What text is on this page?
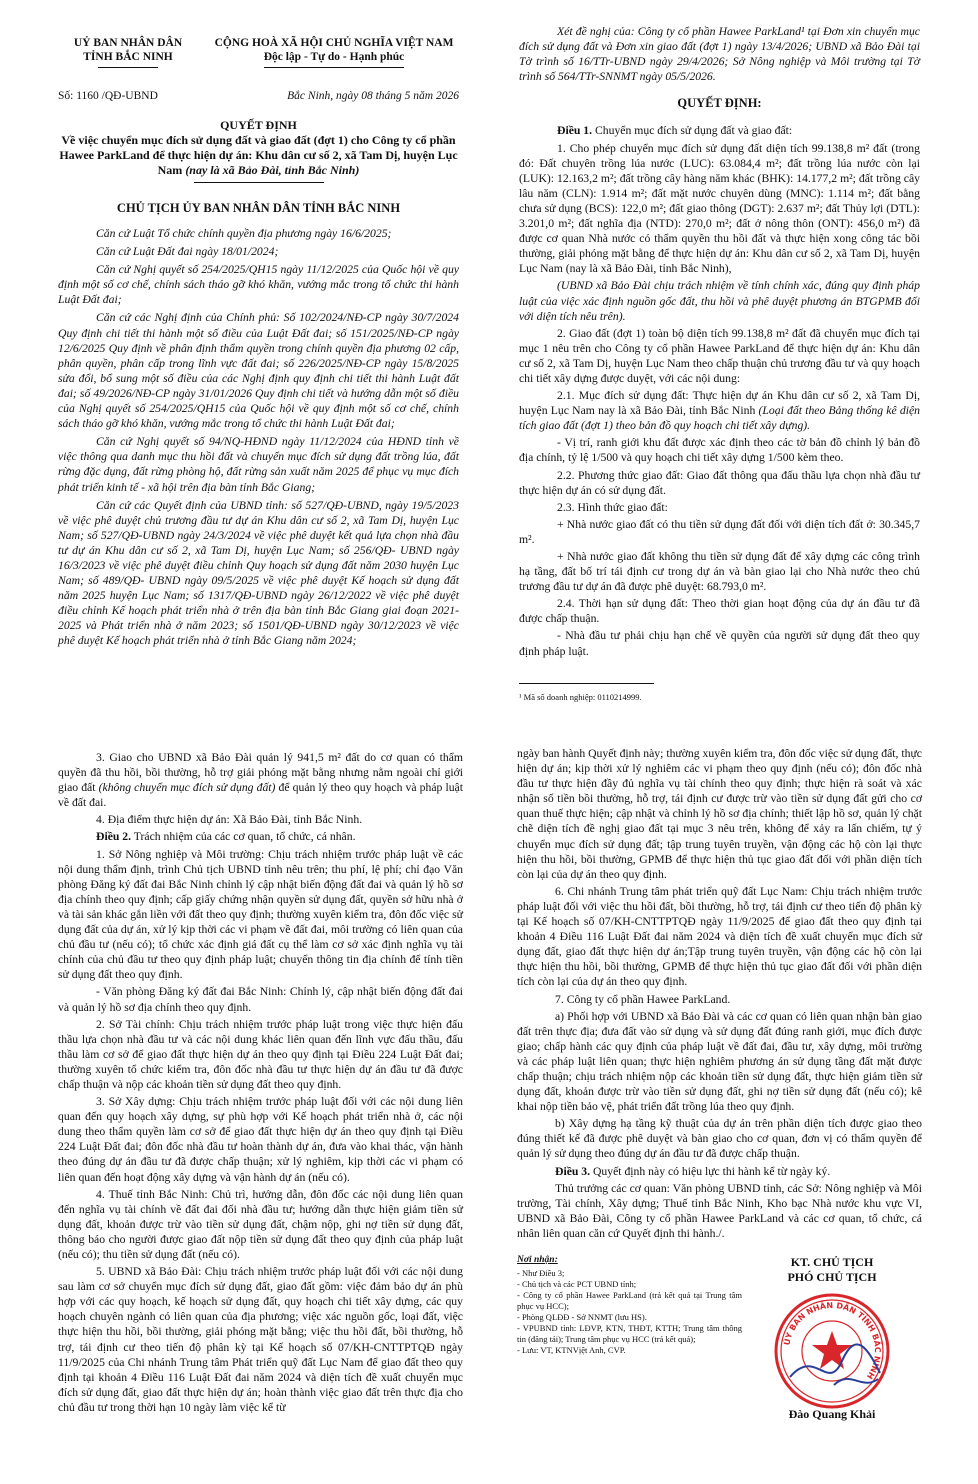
UỶ BAN NHÂN DÂN
TỈNH BẮC NINH
CỘNG HOÀ XÃ HỘI CHỦ NGHĨA VIỆT NAM
Độc lập - Tự do - Hạnh phúc
Số: 1160 /QĐ-UBND	Bắc Ninh, ngày 08 tháng 5 năm 2026
QUYẾT ĐỊNH
Về việc chuyển mục đích sử dụng đất và giao đất (đợt 1) cho Công ty cổ phần Hawee ParkLand để thực hiện dự án: Khu dân cư số 2, xã Tam Dị, huyện Lục Nam (nay là xã Bảo Đài, tỉnh Bắc Ninh)
CHỦ TỊCH ỦY BAN NHÂN DÂN TỈNH BẮC NINH

Căn cứ Luật Tổ chức chính quyền địa phương ngày 16/6/2025;

Căn cứ Luật Đất đai ngày 18/01/2024;

Căn cứ Nghị quyết số 254/2025/QH15 ngày 11/12/2025 của Quốc hội về quy định một số cơ chế, chính sách tháo gỡ khó khăn, vướng mắc trong tổ chức thi hành Luật Đất đai;

Căn cứ các Nghị định của Chính phủ: Số 102/2024/NĐ-CP ngày 30/7/2024 Quy định chi tiết thi hành một số điều của Luật Đất đai; số 151/2025/NĐ-CP ngày 12/6/2025 Quy định về phân định thẩm quyền trong chính quyền địa phương 02 cấp, phân quyền, phân cấp trong lĩnh vực đất đai; số 226/2025/NĐ-CP ngày 15/8/2025 sửa đổi, bổ sung một số điều của các Nghị định quy định chi tiết thi hành Luật đất đai; số 49/2026/NĐ-CP ngày 31/01/2026 Quy định chi tiết và hướng dẫn một số điều của Nghị quyết số 254/2025/QH15 của Quốc hội về quy định một số cơ chế, chính sách tháo gỡ khó khăn, vướng mắc trong tổ chức thi hành Luật Đất đai;

Căn cứ Nghị quyết số 94/NQ-HĐND ngày 11/12/2024 của HĐND tỉnh về việc thông qua danh mục thu hồi đất và chuyển mục đích sử dụng đất trồng lúa, đất rừng đặc dụng, đất rừng phòng hộ, đất rừng sản xuất năm 2025 để phục vụ mục đích phát triển kinh tế - xã hội trên địa bàn tỉnh Bắc Giang;

Căn cứ các Quyết định của UBND tỉnh: số 527/QĐ-UBND, ngày 19/5/2023 về việc phê duyệt chủ trương đầu tư dự án Khu dân cư số 2, xã Tam Dị, huyện Lục Nam; số 527/QĐ-UBND ngày 24/3/2024 về việc phê duyệt kết quả lựa chọn nhà đầu tư dự án Khu dân cư số 2, xã Tam Dị, huyện Lục Nam; số 256/QĐ- UBND ngày 16/3/2023 về việc phê duyệt điều chỉnh Quy hoạch sử dụng đất năm 2030 huyện Lục Nam; số 489/QĐ- UBND ngày 09/5/2025 về việc phê duyệt Kế hoạch sử dụng đất năm 2025 huyện Lục Nam; số 1317/QĐ-UBND ngày 26/12/2022 về việc phê duyệt điều chỉnh Kế hoạch phát triển nhà ở trên địa bàn tỉnh Bắc Giang giai đoạn 2021-2025 và Phát triển nhà ở năm 2023; số 1501/QĐ-UBND ngày 30/12/2023 về việc phê duyệt Kế hoạch phát triển nhà ở tỉnh Bắc Giang năm 2024;

Xét đề nghị của: Công ty cổ phần Hawee ParkLand¹ tại Đơn xin chuyển mục đích sử dụng đất và Đơn xin giao đất (đợt 1) ngày 13/4/2026; UBND xã Bảo Đài tại Tờ trình số 16/TTr-UBND ngày 29/4/2026; Sở Nông nghiệp và Môi trường tại Tờ trình số 564/TTr-SNNMT ngày 05/5/2026.

QUYẾT ĐỊNH:

Điều 1. Chuyển mục đích sử dụng đất và giao đất:

1. Cho phép chuyển mục đích sử dụng đất diện tích 99.138,8 m² đất (trong đó: Đất chuyên trồng lúa nước (LUC): 63.084,4 m²; đất trồng lúa nước còn lại (LUK): 12.163,2 m²; đất trồng cây hàng năm khác (BHK): 14.177,2 m²; đất trồng cây lâu năm (CLN): 1.914 m²; đất mặt nước chuyên dùng (MNC): 1.114 m²; đất bằng chưa sử dụng (BCS): 122,0 m²; đất giao thông (DGT): 2.637 m²; đất Thủy lợi (DTL): 3.201,0 m²; đất nghĩa địa (NTD): 270,0 m²; đất ở nông thôn (ONT): 456,0 m²) đã được cơ quan Nhà nước có thẩm quyền thu hồi đất và thực hiện xong công tác bồi thường, giải phóng mặt bằng để thực hiện dự án: Khu dân cư số 2, xã Tam Dị, huyện Lục Nam (nay là xã Bảo Đài, tỉnh Bắc Ninh),

(UBND xã Bảo Đài chịu trách nhiệm về tính chính xác, đúng quy định pháp luật của việc xác định nguồn gốc đất, thu hồi và phê duyệt phương án BTGPMB đối với diện tích nêu trên).

2. Giao đất (đợt 1) toàn bộ diện tích 99.138,8 m² đất đã chuyển mục đích tại mục 1 nêu trên cho Công ty cổ phần Hawee ParkLand để thực hiện dự án: Khu dân cư số 2, xã Tam Dị, huyện Lục Nam theo chấp thuận chủ trương đầu tư và quy hoạch chi tiết xây dựng được duyệt, với các nội dung:

2.1. Mục đích sử dụng đất: Thực hiện dự án Khu dân cư số 2, xã Tam Dị, huyện Lục Nam nay là xã Bảo Đài, tỉnh Bắc Ninh (Loại đất theo Bảng thống kê diện tích giao đất (đợt 1) theo bản đồ quy hoạch chi tiết xây dựng).

- Vị trí, ranh giới khu đất được xác định theo các tờ bản đồ chỉnh lý bản đồ địa chính, tỷ lệ 1/500 và quy hoạch chi tiết xây dựng 1/500 kèm theo.

2.2. Phương thức giao đất: Giao đất thông qua đấu thầu lựa chọn nhà đầu tư thực hiện dự án có sử dụng đất.

2.3. Hình thức giao đất:

+ Nhà nước giao đất có thu tiền sử dụng đất đối với diện tích đất ở: 30.345,7 m².

+ Nhà nước giao đất không thu tiền sử dụng đất để xây dựng các công trình hạ tầng, đất bố trí tái định cư trong dự án và bàn giao lại cho Nhà nước theo chủ trương đầu tư dự án đã được phê duyệt: 68.793,0 m².

2.4. Thời hạn sử dụng đất: Theo thời gian hoạt động của dự án đầu tư đã được chấp thuận.

- Nhà đầu tư phải chịu hạn chế về quyền của người sử dụng đất theo quy định pháp luật.

¹ Mã số doanh nghiệp: 0110214999.

3. Giao cho UBND xã Bảo Đài quản lý 941,5 m² đất do cơ quan có thẩm quyền đã thu hồi, bồi thường, hỗ trợ giải phóng mặt bằng nhưng nằm ngoài chỉ giới giao đất (không chuyển mục đích sử dụng đất) để quản lý theo quy hoạch và pháp luật về đất đai.

4. Địa điểm thực hiện dự án: Xã Bảo Đài, tỉnh Bắc Ninh.

Điều 2. Trách nhiệm của các cơ quan, tổ chức, cá nhân.

1. Sở Nông nghiệp và Môi trường: Chịu trách nhiệm trước pháp luật về các nội dung thẩm định, trình Chủ tịch UBND tỉnh nêu trên; thu phí, lệ phí; chỉ đạo Văn phòng Đăng ký đất đai Bắc Ninh chỉnh lý cập nhật biến động đất đai và quản lý hồ sơ địa chính theo quy định; cấp giấy chứng nhận quyền sử dụng đất, quyền sở hữu nhà ở và tài sản khác gắn liền với đất theo quy định; thường xuyên kiểm tra, đôn đốc việc sử dụng đất của dự án, xử lý kịp thời các vi phạm về đất đai, môi trường có liên quan của chủ đầu tư (nếu có); tổ chức xác định giá đất cụ thể làm cơ sở xác định nghĩa vụ tài chính của chủ đầu tư theo quy định pháp luật; chuyển thông tin địa chính để tính tiền sử dụng đất theo quy định.

- Văn phòng Đăng ký đất đai Bắc Ninh: Chỉnh lý, cập nhật biến động đất đai và quản lý hồ sơ địa chính theo quy định.

2. Sở Tài chính: Chịu trách nhiệm trước pháp luật trong việc thực hiện đấu thầu lựa chọn nhà đầu tư và các nội dung khác liên quan đến lĩnh vực đấu thầu, đấu thầu làm cơ sở để giao đất thực hiện dự án theo quy định tại Điều 224 Luật Đất đai; thường xuyên tổ chức kiểm tra, đôn đốc nhà đầu tư thực hiện dự án đầu tư đã được chấp thuận và nộp các khoản tiền sử dụng đất theo quy định.

3. Sở Xây dựng: Chịu trách nhiệm trước pháp luật đối với các nội dung liên quan đến quy hoạch xây dựng, sự phù hợp với Kế hoạch phát triển nhà ở, các nội dung theo thẩm quyền làm cơ sở để giao đất thực hiện dự án theo quy định tại Điều 224 Luật Đất đai; đôn đốc nhà đầu tư hoàn thành dự án, đưa vào khai thác, vận hành theo đúng dự án đầu tư đã được chấp thuận; xử lý nghiêm, kịp thời các vi phạm có liên quan đến hoạt động xây dựng và vận hành dự án (nếu có).

4. Thuế tỉnh Bắc Ninh: Chủ trì, hướng dẫn, đôn đốc các nội dung liên quan đến nghĩa vụ tài chính về đất đai đối nhà đầu tư; hướng dẫn thực hiện giảm tiền sử dụng đất, khoản được trừ vào tiền sử dụng đất, chậm nộp, ghi nợ tiền sử dụng đất, thông báo cho người được giao đất nộp tiền sử dụng đất theo quy định của pháp luật (nếu có); thu tiền sử dụng đất (nếu có).

5. UBND xã Bảo Đài: Chịu trách nhiệm trước pháp luật đối với các nội dung sau làm cơ sở chuyển mục đích sử dụng đất, giao đất gồm: việc đảm bảo dự án phù hợp với các quy hoạch, kế hoạch sử dụng đất, quy hoạch chi tiết xây dựng, các quy hoạch chuyên ngành có liên quan của địa phương; việc xác nguồn gốc, loại đất, việc thực hiện thu hồi, bồi thường, giải phóng mặt bằng; việc thu hồi đất, bồi thường, hỗ trợ, tái định cư theo tiến độ phân kỳ tại Kế hoạch số 07/KH-CNTTPTQĐ ngày 11/9/2025 của Chi nhánh Trung tâm Phát triển quỹ đất Lục Nam để giao đất theo quy định tại khoản 4 Điều 116 Luật Đất đai năm 2024 và diện tích đề xuất chuyển mục đích sử dụng đất, giao đất thực hiện dự án; hoàn thành việc giao đất trên thực địa cho chủ đầu tư trong thời hạn 10 ngày làm việc kể từ

ngày ban hành Quyết định này; thường xuyên kiểm tra, đôn đốc việc sử dụng đất, thực hiện dự án; kịp thời xử lý nghiêm các vi phạm theo quy định (nếu có); đôn đốc nhà đầu tư thực hiện đầy đủ nghĩa vụ tài chính theo quy định; thực hiện rà soát và xác nhận số tiền bồi thường, hỗ trợ, tái định cư được trừ vào tiền sử dụng đất gửi cho cơ quan thuế thực hiện; cập nhật và chỉnh lý hồ sơ địa chính; thiết lập hồ sơ, quản lý chặt chẽ diện tích đề nghị giao đất tại mục 3 nêu trên, không để xảy ra lấn chiếm, tự ý chuyển mục đích sử dụng đất; tập trung tuyên truyền, vận động các hộ còn lại thực hiện thu hồi, bồi thường, GPMB để thực hiện thủ tục giao đất đối với phần diện tích còn lại của dự án theo quy định.

6. Chi nhánh Trung tâm phát triển quỹ đất Lục Nam: Chịu trách nhiệm trước pháp luật đối với việc thu hồi đất, bồi thường, hỗ trợ, tái định cư theo tiến độ phân kỳ tại Kế hoạch số 07/KH-CNTTPTQĐ ngày 11/9/2025 để giao đất theo quy định tại khoản 4 Điều 116 Luật Đất đai năm 2024 và diện tích đề xuất chuyển mục đích sử dụng đất, giao đất thực hiện dự án;Tập trung tuyên truyền, vận động các hộ còn lại thực hiện thu hồi, bồi thường, GPMB để thực hiện thủ tục giao đất đối với phần diện tích còn lại của dự án theo quy định.

7. Công ty cổ phần Hawee ParkLand.

a) Phối hợp với UBND xã Bảo Đài và các cơ quan có liên quan nhận bàn giao đất trên thực địa; đưa đất vào sử dụng và sử dụng đất đúng ranh giới, mục đích được giao; chấp hành các quy định của pháp luật về đất đai, đầu tư, xây dựng, môi trường và các pháp luật liên quan; thực hiện nghiêm phương án sử dụng tầng đất mặt được chấp thuận; chịu trách nhiệm nộp các khoản tiền sử dụng đất, thực hiện giảm tiền sử dụng đất, khoản được trừ vào tiền sử dụng đất, ghi nợ tiền sử dụng đất (nếu có); kê khai nộp tiền bảo vệ, phát triển đất trồng lúa theo quy định.

b) Xây dựng hạ tầng kỹ thuật của dự án trên phần diện tích được giao theo đúng thiết kế đã được phê duyệt và bàn giao cho cơ quan, đơn vị có thẩm quyền để quản lý sử dụng theo đúng dự án đầu tư đã được chấp thuận.

Điều 3. Quyết định này có hiệu lực thi hành kể từ ngày ký.

Thủ trưởng các cơ quan: Văn phòng UBND tỉnh, các Sở: Nông nghiệp và Môi trường, Tài chính, Xây dựng; Thuế tỉnh Bắc Ninh, Kho bạc Nhà nước khu vực VI, UBND xã Bảo Đài, Công ty cổ phần Hawee ParkLand và các cơ quan, tổ chức, cá nhân liên quan căn cứ Quyết định thi hành./.

Nơi nhận:
- Như Điều 3;
- Chủ tịch và các PCT UBND tỉnh;
- Công ty cổ phần Hawee ParkLand (trả kết quả tại Trung tâm phục vụ HCC);
- Phòng QLĐĐ - Sở NNMT (lưu HS).
- VPUBND tỉnh: LĐVP, KTN, THĐT, KTTH; Trung tâm thông tin (đăng tải); Trung tâm phục vụ HCC (trả kết quả);
- Lưu: VT, KTNVịệt Anh, CVP.
KT. CHỦ TỊCH
PHÓ CHỦ TỊCH
ỦY BAN NHÂN DÂN TỈNH BẮC NINH
Đào Quang Khải
